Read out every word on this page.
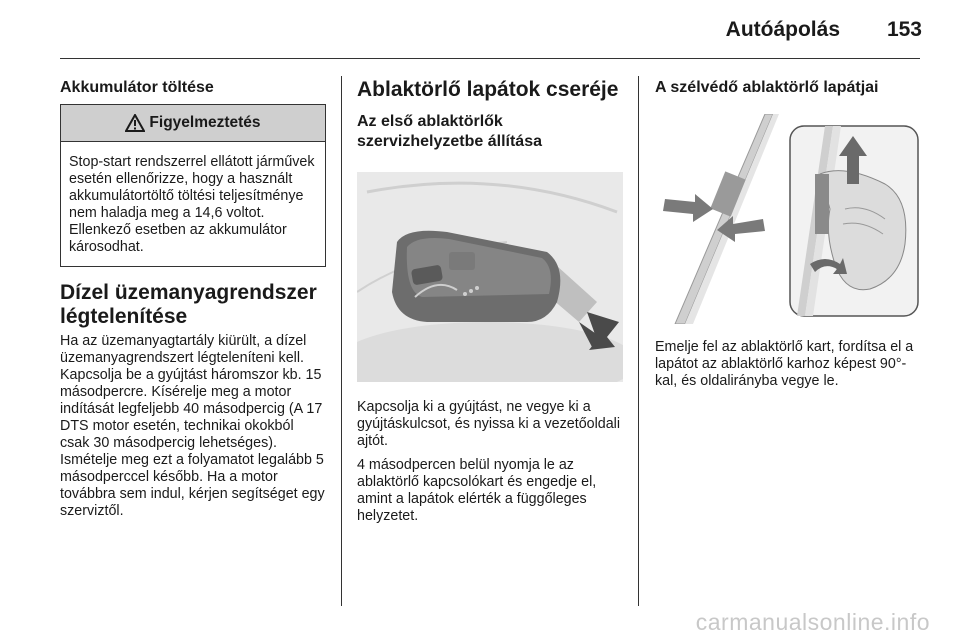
Autóápolás 153
Akkumulátor töltése
Figyelmeztetés
Stop-start rendszerrel ellátott járművek esetén ellenőrizze, hogy a használt akkumulátortöltő töltési teljesítménye nem haladja meg a 14,6 voltot. Ellenkező esetben az akkumulátor károsodhat.
Dízel üzemanyagrendszer légtelenítése
Ha az üzemanyagtartály kiürült, a dízel üzemanyagrendszert légteleníteni kell. Kapcsolja be a gyújtást háromszor kb. 15 másodpercre. Kísérelje meg a motor indítását legfeljebb 40 másodpercig (A 17 DTS motor esetén, technikai okokból csak 30 másodpercig lehetséges). Ismételje meg ezt a folyamatot legalább 5 másodperccel később. Ha a motor továbbra sem indul, kérjen segítséget egy szerviztől.
Ablaktörlő lapátok cseréje
Az első ablaktörlők szervizhelyzetbe állítása
Kapcsolja ki a gyújtást, ne vegye ki a gyújtáskulcsot, és nyissa ki a vezetőoldali ajtót.
4 másodpercen belül nyomja le az ablaktörlő kapcsolókart és engedje el, amint a lapátok elérték a függőleges helyzetet.
A szélvédő ablaktörlő lapátjai
Emelje fel az ablaktörlő kart, fordítsa el a lapátot az ablaktörlő karhoz képest 90°-kal, és oldalirányba vegye le.
carmanualsonline.info
